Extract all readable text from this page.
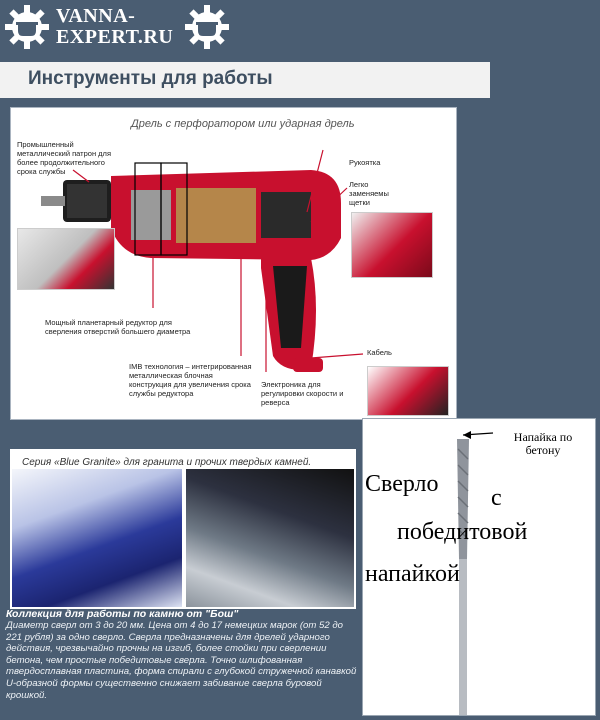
VANNA-
EXPERT.RU
Инструменты для работы
Дрель с перфоратором или ударная дрель
Промышленный металлический патрон для более продолжительного срока службы
Рукоятка
Легко заменяемы щетки
Мощный планетарный редуктор для сверления отверстий большего диаметра
IMB технология – интегрированная металлическая блочная конструкция для увеличения срока службы редуктора
Кабель
Электроника для регулировки скорости и реверса
Серия «Blue Granite» для гранита и прочих твердых камней.
Коллекция для работы по камню от "Бош"

Диаметр сверл от 3 до 20 мм. Цена от 4 до 17 немецких марок (от 52 до 221 рубля) за одно сверло. Сверла предназначены для дрелей ударного действия, чрезвычайно прочны на изгиб, более стойки при сверлении бетона, чем простые победитовые сверла. Точно шлифованная твердосплавная пластина, форма спирали с глубокой стружечной канавкой U-образной формы существенно снижает забивание сверла буровой крошкой.

Напайка по бетону
Сверло
с
победитовой
напайкой
